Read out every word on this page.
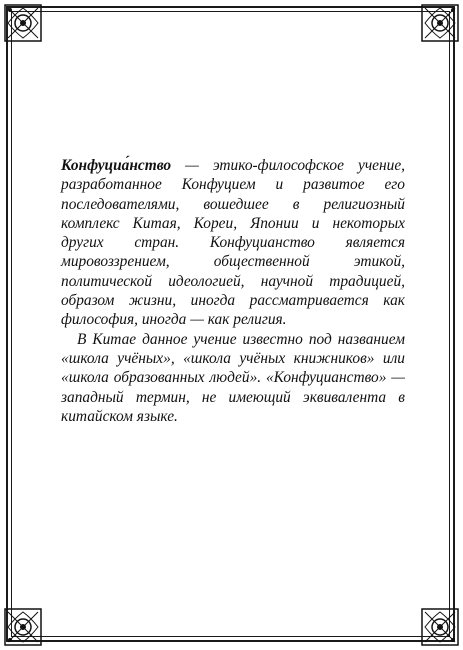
Конфуциа́нство — этико-философское учение, разработанное Конфуцием и развитое его последователями, вошедшее в религиозный комплекс Китая, Кореи, Японии и некоторых других стран. Конфуцианство является мировоззрением, общественной этикой, политической идеологией, научной традицией, образом жизни, иногда рассматривается как философия, иногда — как религия.

В Китае данное учение известно под названием «школа учёных», «школа учёных книжников» или «школа образованных людей». «Конфуцианство» — западный термин, не имеющий эквивалента в китайском языке.
